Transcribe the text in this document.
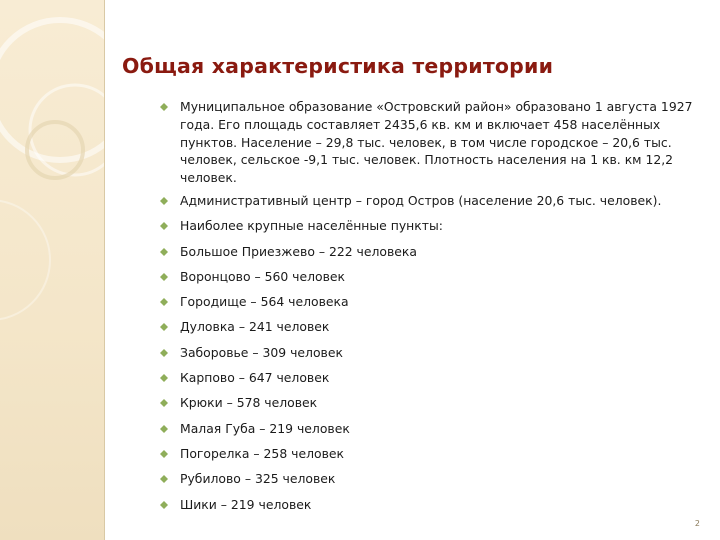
Общая характеристика территории
Муниципальное образование «Островский район» образовано 1 августа 1927 года. Его площадь составляет 2435,6 кв. км и включает 458 населённых пунктов. Население – 29,8 тыс. человек, в том числе городское – 20,6 тыс. человек, сельское -9,1 тыс. человек. Плотность населения на 1 кв. км 12,2 человек.
Административный центр – город Остров (население 20,6 тыс. человек).
Наиболее крупные населённые пункты:
Большое Приезжево – 222 человека
Воронцово – 560 человек
Городище – 564 человека
Дуловка – 241 человек
Заборовье – 309 человек
Карпово – 647 человек
Крюки – 578 человек
Малая Губа – 219 человек
Погорелка – 258 человек
Рубилово – 325 человек
Шики – 219 человек
2
